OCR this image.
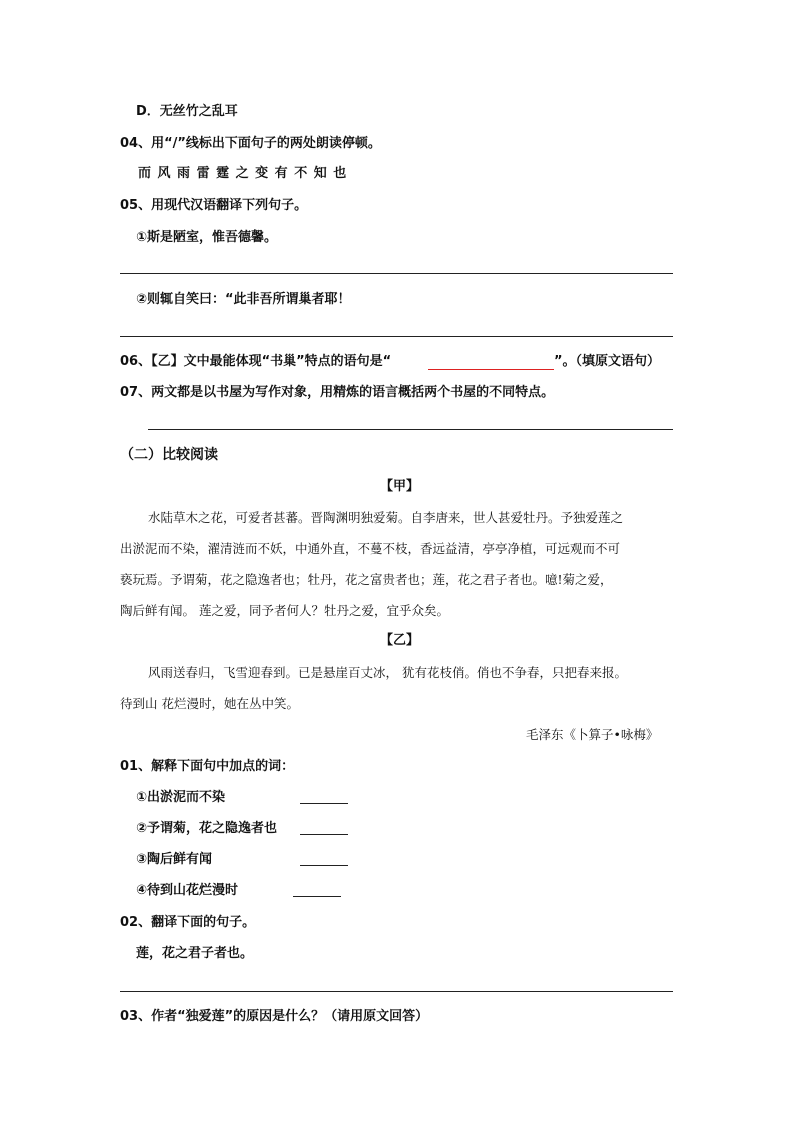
D．无丝竹之乱耳
04、用“/”线标出下面句子的两处朗读停顿。
而 风 雨 雷 霆 之 变 有 不 知 也
05、用现代汉语翻译下列句子。
①斯是陋室，惟吾德馨。
②则辄自笑曰：“此非吾所谓巢者耶！
06、【乙】文中最能体现“书巢”特点的语句是“	”。（填原文语句）
07、两文都是以书屋为写作对象，用精炼的语言概括两个书屋的不同特点。
（二）比较阅读
【甲】
水陆草木之花，可爱者甚蕃。晋陶渊明独爱菊。自李唐来，世人甚爱牡丹。予独爱莲之
出淤泥而不染，濯清涟而不妖，中通外直，不蔓不枝，香远益清，亭亭净植，可远观而不可
亵玩焉。予谓菊，花之隐逸者也；牡丹，花之富贵者也；莲，花之君子者也。噫!菊之爱，
陶后鲜有闻。 莲之爱，同予者何人？牡丹之爱，宜乎众矣。
【乙】
风雨送春归，飞雪迎春到。已是悬崖百丈冰， 犹有花枝俏。俏也不争春，只把春来报。
待到山 花烂漫时，她在丛中笑。
毛泽东《卜算子•咏梅》
01、解释下面句中加点的词：
①出淤泥而不染
②予谓菊，花之隐逸者也
③陶后鲜有闻
④待到山花烂漫时
02、翻译下面的句子。
莲，花之君子者也。
03、作者“独爱莲”的原因是什么？（请用原文回答）
